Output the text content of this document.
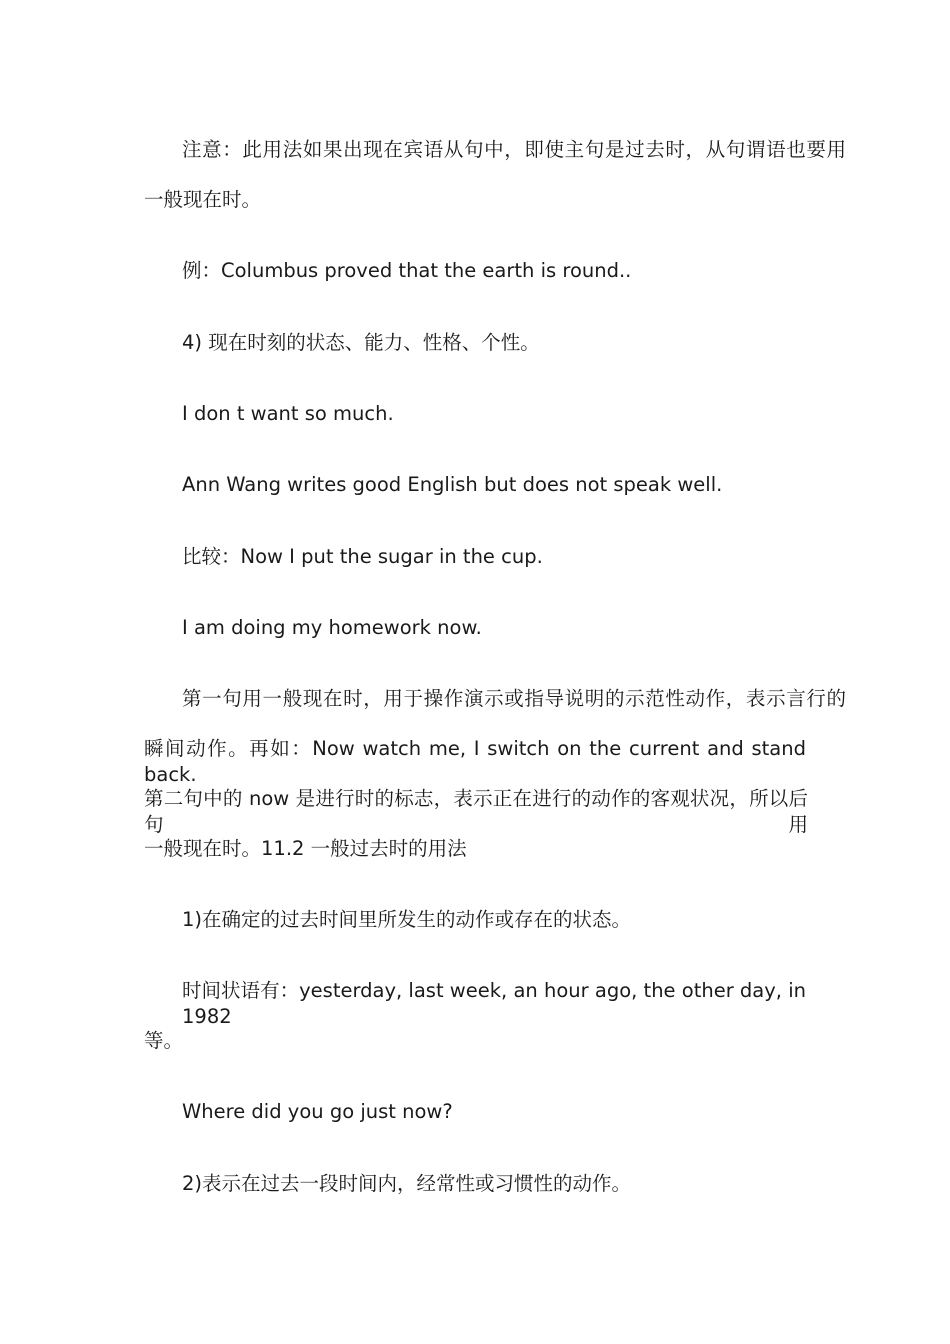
注意：此用法如果出现在宾语从句中，即使主句是过去时，从句谓语也要用
一般现在时。
例：Columbus proved that the earth is round..
4) 现在时刻的状态、能力、性格、个性。
I don t want so much.
Ann Wang writes good English but does not speak well.
比较：Now I put the sugar in the cup.
I am doing my homework now.
第一句用一般现在时，用于操作演示或指导说明的示范性动作，表示言行的
瞬间动作。再如：Now watch me, I switch on the current and stand back.
第二句中的 now 是进行时的标志，表示正在进行的动作的客观状况，所以后句用
一般现在时。11.2 一般过去时的用法
1)在确定的过去时间里所发生的动作或存在的状态。
时间状语有：yesterday, last week, an hour ago, the other day, in 1982
等。
Where did you go just now?
2)表示在过去一段时间内，经常性或习惯性的动作。
